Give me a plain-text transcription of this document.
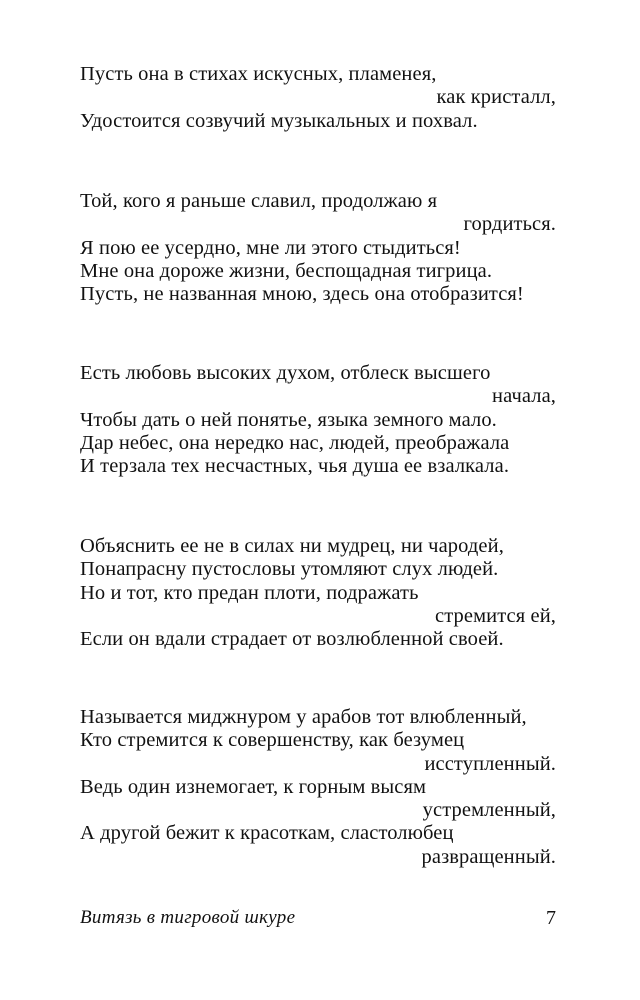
Пусть она в стихах искусных, пламенея,
как кристалл,
Удостоится созвучий музыкальных и похвал.
Той, кого я раньше славил, продолжаю я
гордиться.
Я пою ее усердно, мне ли этого стыдиться!
Мне она дороже жизни, беспощадная тигрица.
Пусть, не названная мною, здесь она отобразится!
Есть любовь высоких духом, отблеск высшего
начала,
Чтобы дать о ней понятье, языка земного мало.
Дар небес, она нередко нас, людей, преображала
И терзала тех несчастных, чья душа ее взалкала.
Объяснить ее не в силах ни мудрец, ни чародей,
Понапрасну пустословы утомляют слух людей.
Но и тот, кто предан плоти, подражать
стремится ей,
Если он вдали страдает от возлюбленной своей.
Называется миджнуром у арабов тот влюбленный,
Кто стремится к совершенству, как безумец
исступленный.
Ведь один изнемогает, к горным высям
устремленный,
А другой бежит к красоткам, сластолюбец
развращенный.
Витязь в тигровой шкуре	7
